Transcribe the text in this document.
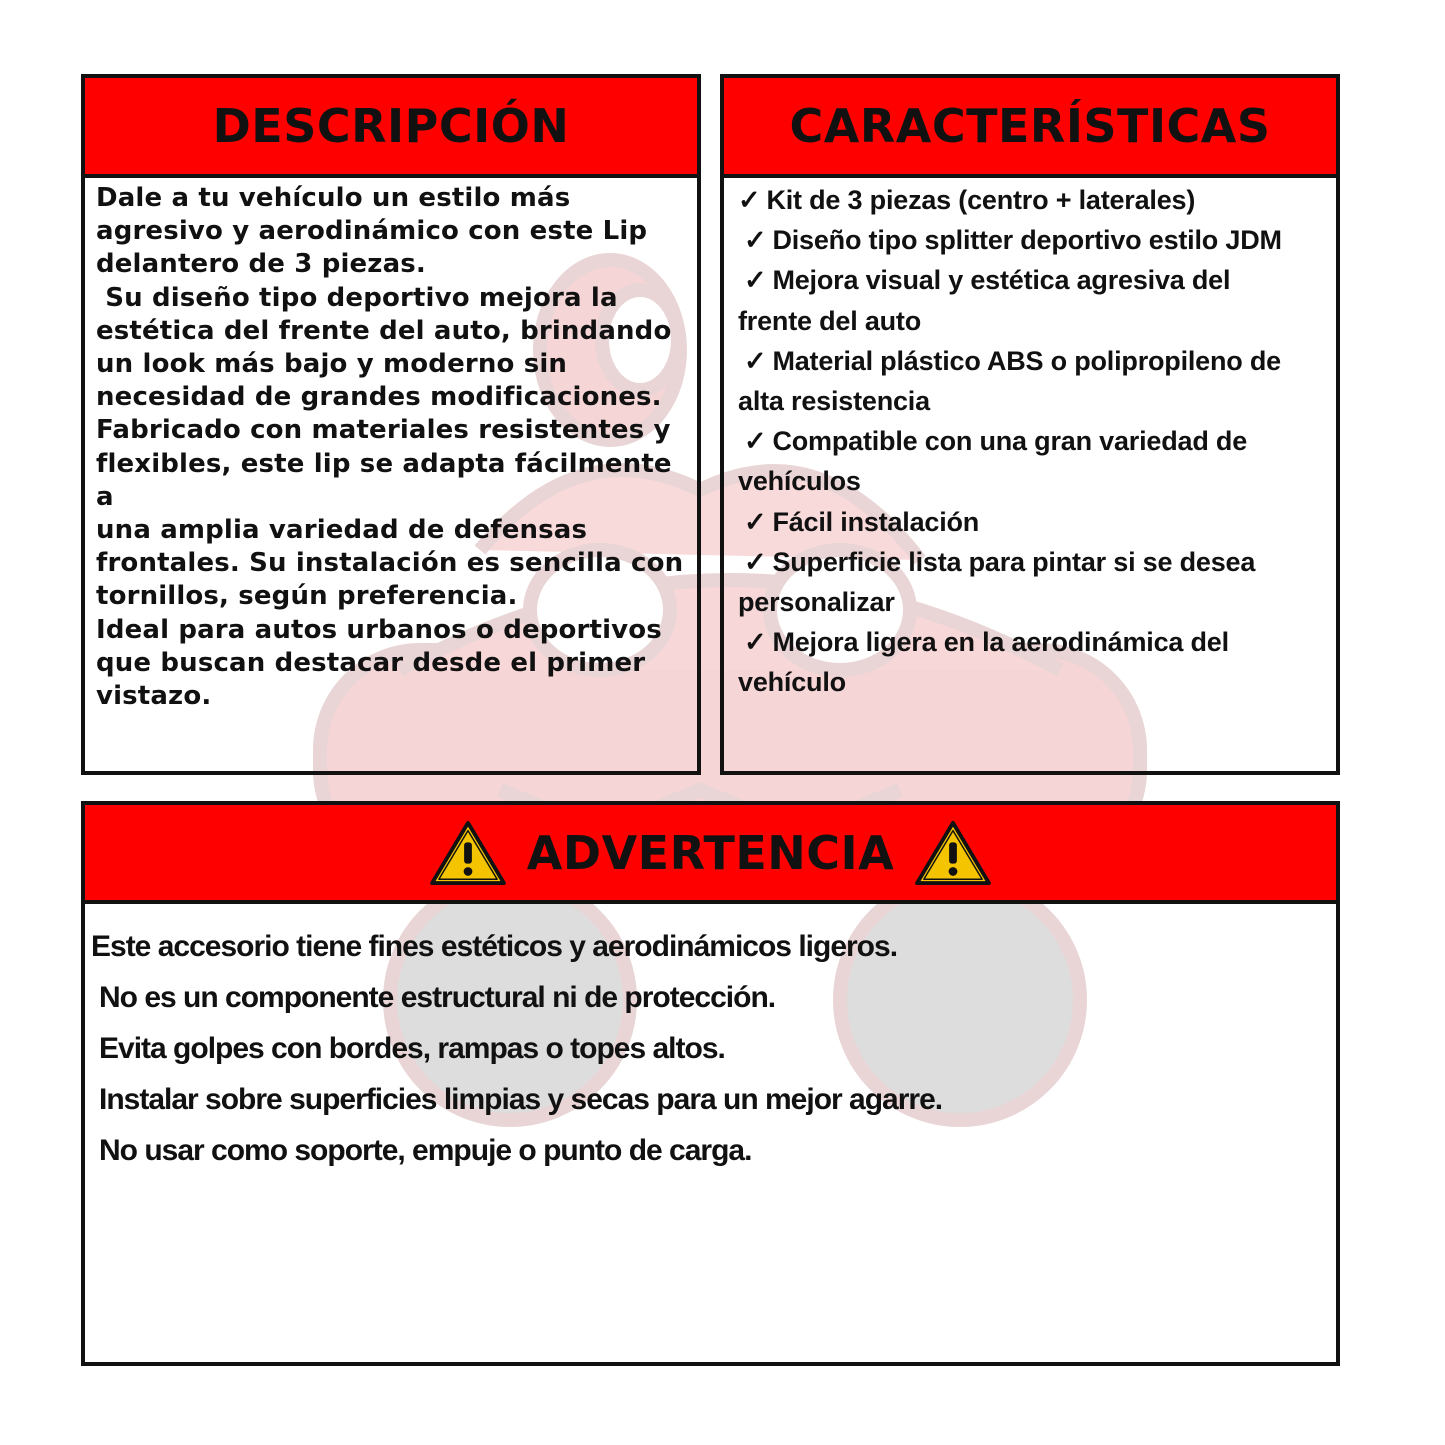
DESCRIPCIÓN
Dale a tu vehículo un estilo más
agresivo y aerodinámico con este Lip
delantero de 3 piezas.
Su diseño tipo deportivo mejora la
estética del frente del auto, brindando
un look más bajo y moderno sin
necesidad de grandes modificaciones.
Fabricado con materiales resistentes y
flexibles, este lip se adapta fácilmente a
una amplia variedad de defensas
frontales. Su instalación es sencilla con
tornillos, según preferencia.
Ideal para autos urbanos o deportivos
que buscan destacar desde el primer
vistazo.
CARACTERÍSTICAS
✓ Kit de 3 piezas (centro + laterales)
✓ Diseño tipo splitter deportivo estilo JDM
✓ Mejora visual y estética agresiva del
frente del auto
✓ Material plástico ABS o polipropileno de
alta resistencia
✓ Compatible con una gran variedad de
vehículos
✓ Fácil instalación
✓ Superficie lista para pintar si se desea
personalizar
✓ Mejora ligera en la aerodinámica del
vehículo
ADVERTENCIA
Este accesorio tiene fines estéticos y aerodinámicos ligeros.
No es un componente estructural ni de protección.
Evita golpes con bordes, rampas o topes altos.
Instalar sobre superficies limpias y secas para un mejor agarre.
No usar como soporte, empuje o punto de carga.
